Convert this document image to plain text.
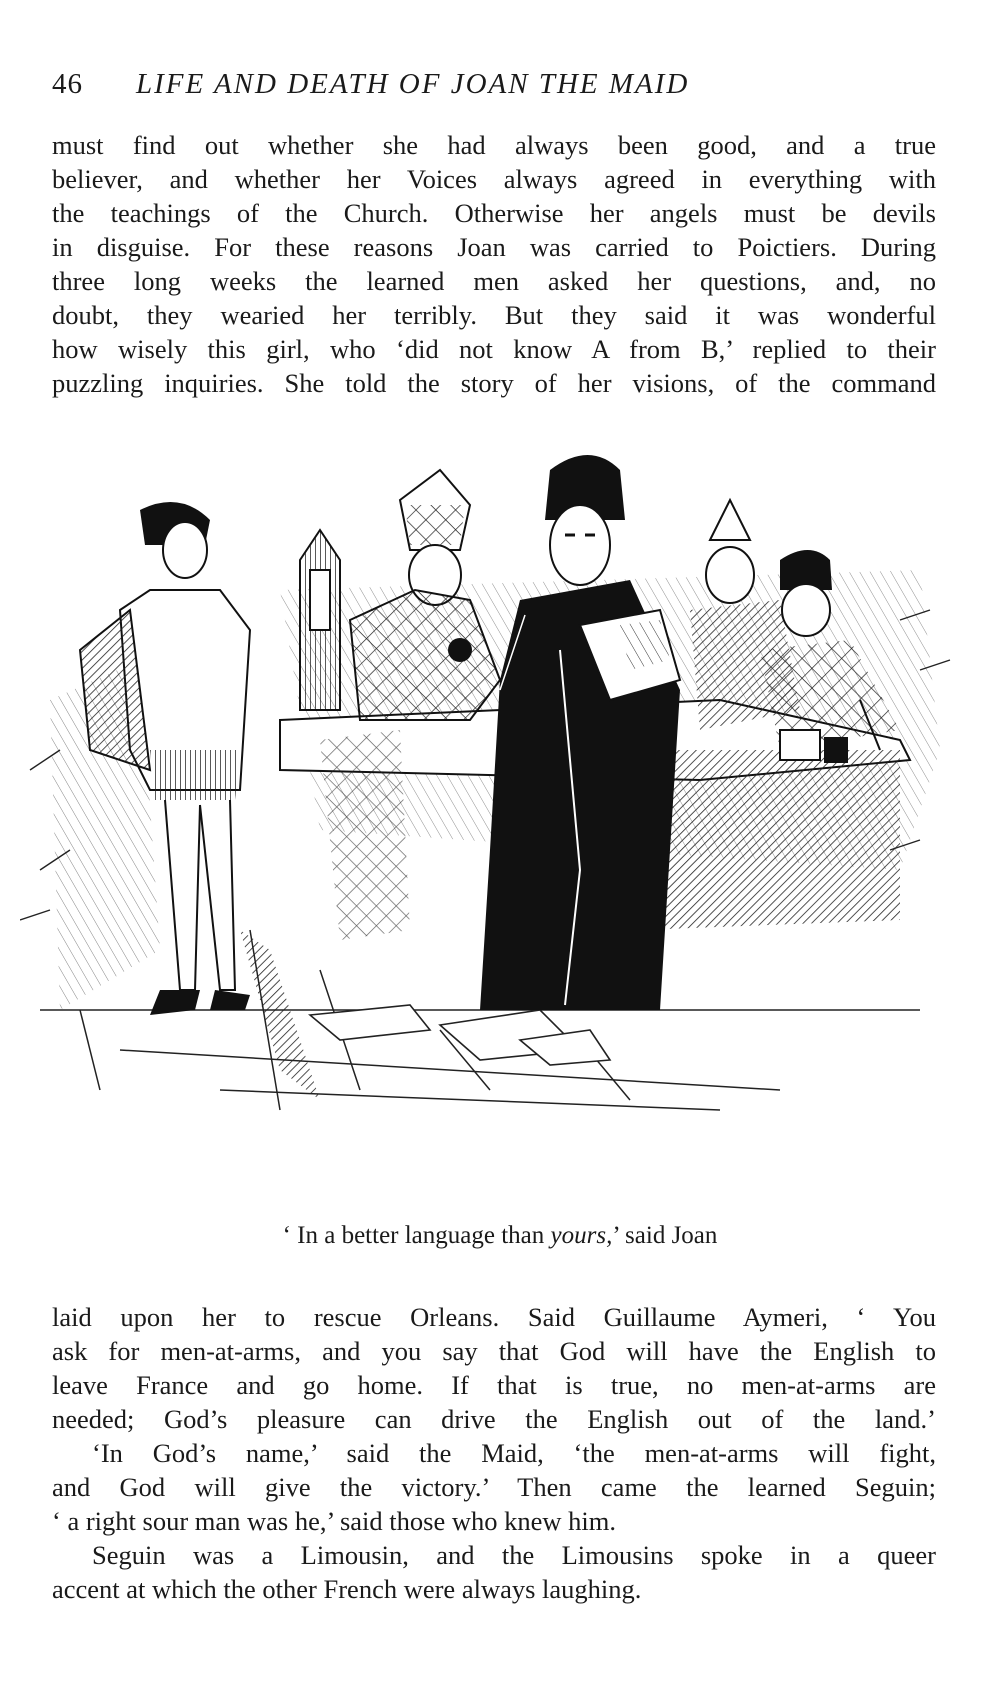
46 LIFE AND DEATH OF JOAN THE MAID
must find out whether she had always been good, and a true
believer, and whether her Voices always agreed in everything with
the teachings of the Church. Otherwise her angels must be devils
in disguise. For these reasons Joan was carried to Poictiers. During
three long weeks the learned men asked her questions, and, no
doubt, they wearied her terribly. But they said it was wonderful
how wisely this girl, who ‘did not know A from B,’ replied to their
puzzling inquiries. She told the story of her visions, of the command
‘ In a better language than yours,’ said Joan
laid upon her to rescue Orleans. Said Guillaume Aymeri, ‘ You
ask for men-at-arms, and you say that God will have the English to
leave France and go home. If that is true, no men-at-arms are
needed; God’s pleasure can drive the English out of the land.’
‘In God’s name,’ said the Maid, ‘the men-at-arms will fight,
and God will give the victory.’ Then came the learned Seguin;
‘ a right sour man was he,’ said those who knew him.
Seguin was a Limousin, and the Limousins spoke in a queer
accent at which the other French were always laughing.
